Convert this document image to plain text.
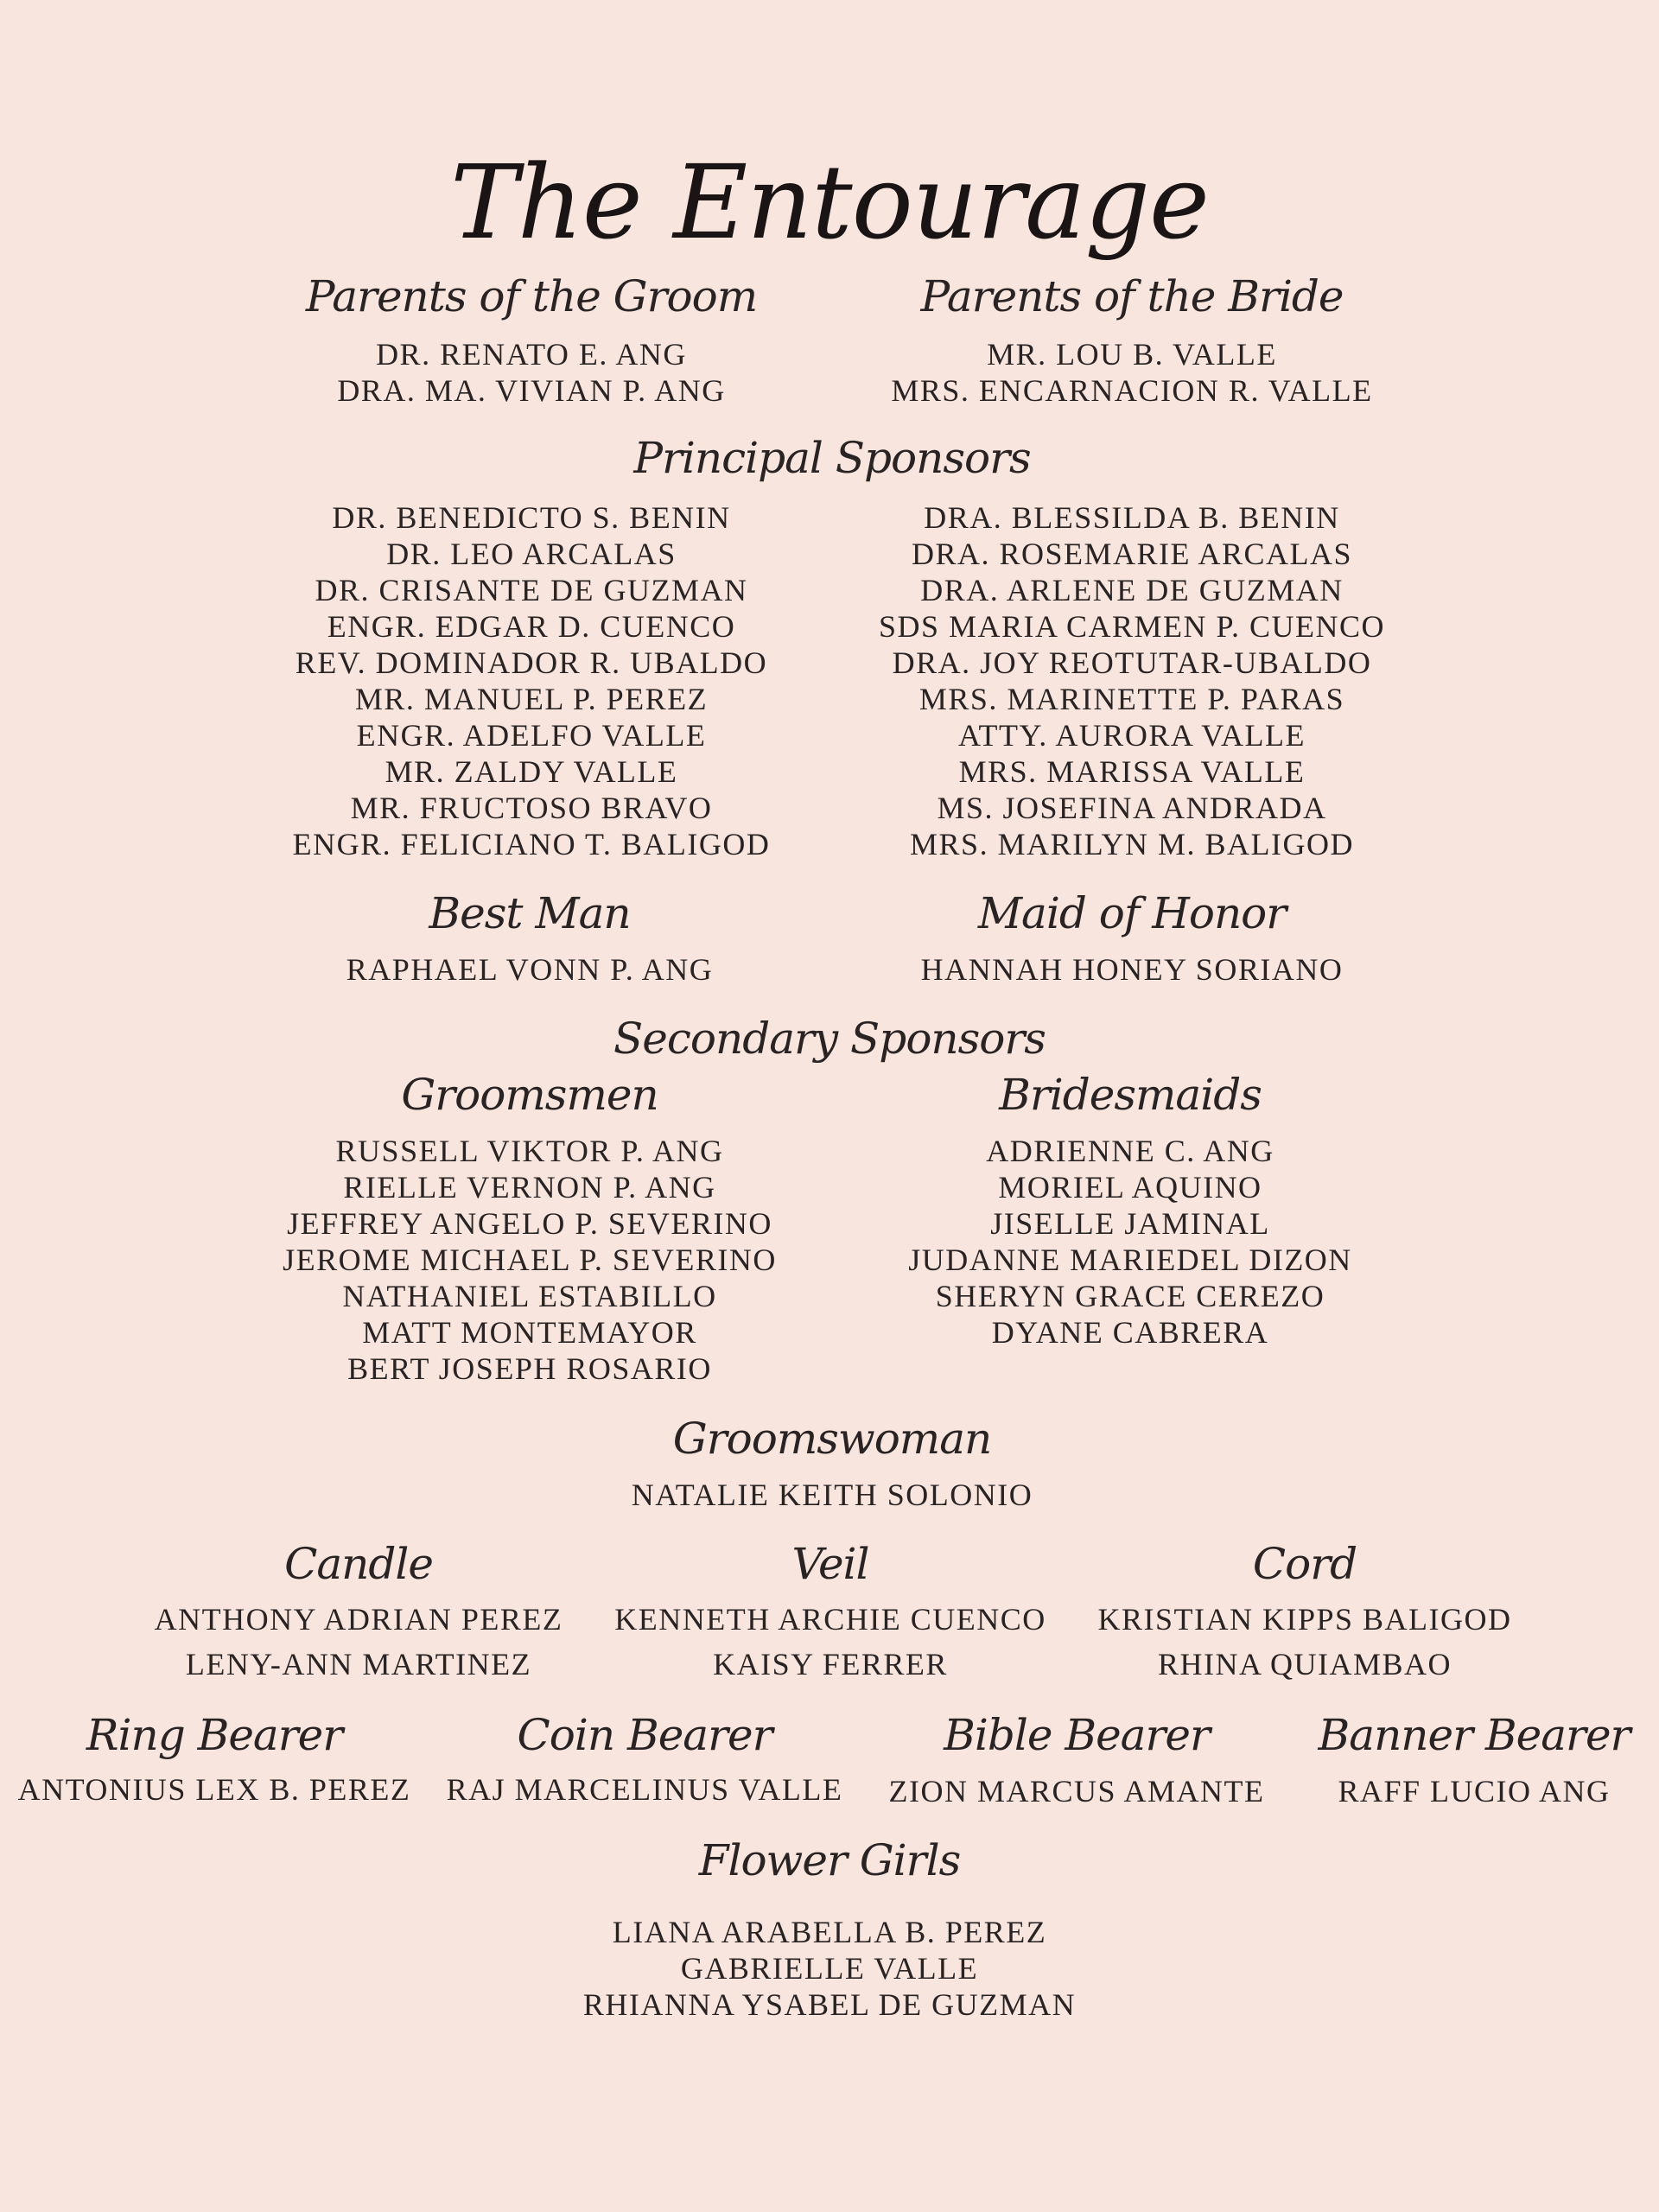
The Entourage
Parents of the Groom
DR. RENATO E. ANG
DRA. MA. VIVIAN P. ANG
Parents of the Bride
MR. LOU B. VALLE
MRS. ENCARNACION R. VALLE
Principal Sponsors
DR. BENEDICTO S. BENIN
DR. LEO ARCALAS
DR. CRISANTE DE GUZMAN
ENGR. EDGAR D. CUENCO
REV. DOMINADOR R. UBALDO
MR. MANUEL P. PEREZ
ENGR. ADELFO VALLE
MR. ZALDY VALLE
MR. FRUCTOSO BRAVO
ENGR. FELICIANO T. BALIGOD
DRA. BLESSILDA B. BENIN
DRA. ROSEMARIE ARCALAS
DRA. ARLENE DE GUZMAN
SDS MARIA CARMEN P. CUENCO
DRA. JOY REOTUTAR-UBALDO
MRS. MARINETTE P. PARAS
ATTY. AURORA VALLE
MRS. MARISSA VALLE
MS. JOSEFINA ANDRADA
MRS. MARILYN M. BALIGOD
Best Man
RAPHAEL VONN P. ANG
Maid of Honor
HANNAH HONEY SORIANO
Secondary Sponsors
Groomsmen
RUSSELL VIKTOR P. ANG
RIELLE VERNON P. ANG
JEFFREY ANGELO P. SEVERINO
JEROME MICHAEL P. SEVERINO
NATHANIEL ESTABILLO
MATT MONTEMAYOR
BERT JOSEPH ROSARIO
Bridesmaids
ADRIENNE C. ANG
MORIEL AQUINO
JISELLE JAMINAL
JUDANNE MARIEDEL DIZON
SHERYN GRACE CEREZO
DYANE CABRERA
Groomswoman
NATALIE KEITH SOLONIO
Candle
ANTHONY ADRIAN PEREZ
LENY-ANN MARTINEZ
Veil
KENNETH ARCHIE CUENCO
KAISY FERRER
Cord
KRISTIAN KIPPS BALIGOD
RHINA QUIAMBAO
Ring Bearer
ANTONIUS LEX B. PEREZ
Coin Bearer
RAJ MARCELINUS VALLE
Bible Bearer
ZION MARCUS AMANTE
Banner Bearer
RAFF LUCIO ANG
Flower Girls
LIANA ARABELLA B. PEREZ
GABRIELLE VALLE
RHIANNA YSABEL DE GUZMAN
